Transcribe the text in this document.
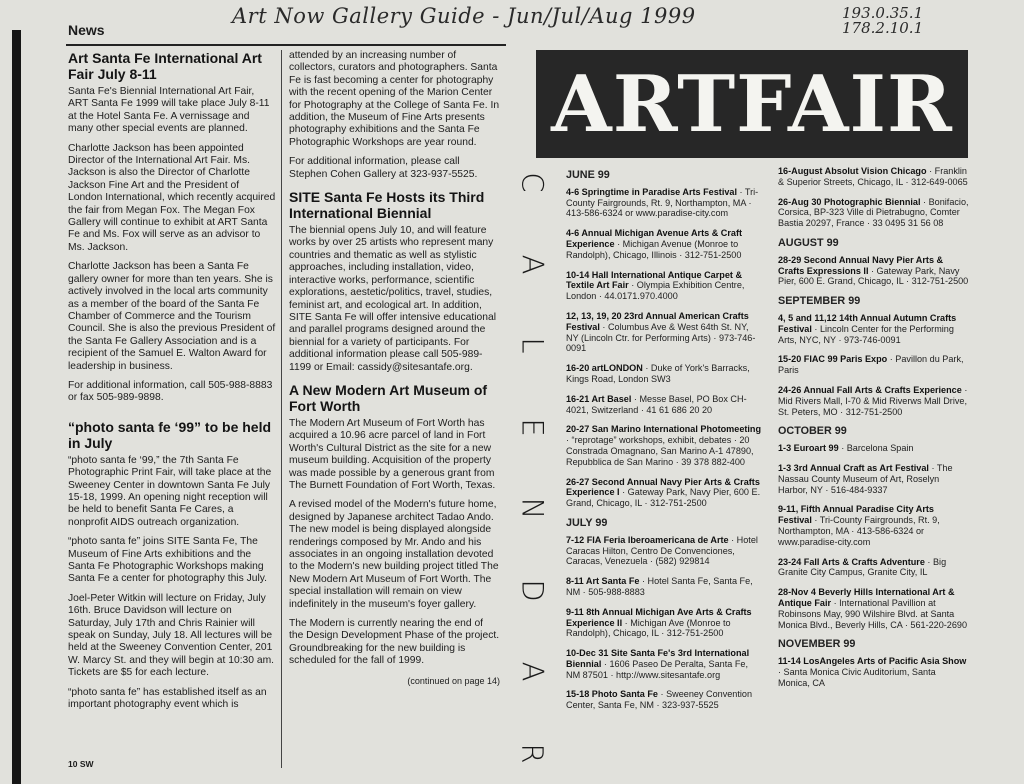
Art Now Gallery Guide - Jun/Jul/Aug 1999	193.0.35.1
178.2.10.1
News
Art Santa Fe International Art Fair July 8-11

Santa Fe's Biennial International Art Fair, ART Santa Fe 1999 will take place July 8-11 at the Hotel Santa Fe. A vernissage and many other special events are planned.

Charlotte Jackson has been appointed Director of the International Art Fair. Ms. Jackson is also the Director of Charlotte Jackson Fine Art and the President of London International, which recently acquired the fair from Megan Fox. The Megan Fox Gallery will continue to exhibit at ART Santa Fe and Ms. Fox will serve as an advisor to Ms. Jackson.

Charlotte Jackson has been a Santa Fe gallery owner for more than ten years. She is actively involved in the local arts community as a member of the board of the Santa Fe Chamber of Commerce and the Tourism Council. She is also the previous President of the Santa Fe Gallery Association and is a recipient of the Samuel E. Walton Award for leadership in business.

For additional information, call 505-988-8883 or fax 505-989-9898.

“photo santa fe ‘99” to be held in July

“photo santa fe ‘99,” the 7th Santa Fe Photographic Print Fair, will take place at the Sweeney Center in downtown Santa Fe July 15-18, 1999. An opening night reception will be held to benefit Santa Fe Cares, a nonprofit AIDS outreach organization.

“photo santa fe” joins SITE Santa Fe, The Museum of Fine Arts exhibitions and the Santa Fe Photographic Workshops making Santa Fe a center for photography this July.

Joel-Peter Witkin will lecture on Friday, July 16th. Bruce Davidson will lecture on Saturday, July 17th and Chris Rainier will speak on Sunday, July 18. All lectures will be held at the Sweeney Convention Center, 201 W. Marcy St. and they will begin at 10:30 am. Tickets are $5 for each lecture.

“photo santa fe” has established itself as an important photography event which is

attended by an increasing number of collectors, curators and photographers. Santa Fe is fast becoming a center for photography with the recent opening of the Marion Center for Photography at the College of Santa Fe. In addition, the Museum of Fine Arts presents photography exhibitions and the Santa Fe Photographic Workshops are year round.

For additional information, please call Stephen Cohen Gallery at 323-937-5525.

SITE Santa Fe Hosts its Third International Biennial

The biennial opens July 10, and will feature works by over 25 artists who represent many countries and thematic as well as stylistic approaches, including installation, video, interactive works, performance, scientific explorations, aestetic/politics, travel, studies, feminist art, and ecological art. In addition, SITE Santa Fe will offer intensive educational and parallel programs designed around the biennial for a variety of participants. For additional information please call 505-989-1199 or Email: cassidy@sitesantafe.org.

A New Modern Art Museum of Fort Worth

The Modern Art Museum of Fort Worth has acquired a 10.96 acre parcel of land in Fort Worth's Cultural District as the site for a new museum building. Acquisition of the property was made possible by a generous grant from The Burnett Foundation of Fort Worth, Texas.

A revised model of the Modern's future home, designed by Japanese architect Tadao Ando. The new model is being displayed alongside renderings composed by Mr. Ando and his associates in an ongoing installation devoted to the Modern's new building project titled The New Modern Art Museum of Fort Worth. The special installation will remain on view indefinitely in the museum's foyer gallery.

The Modern is currently nearing the end of the Design Development Phase of the project. Groundbreaking for the new building is scheduled for the fall of 1999.

(continued on page 14)
10 SW
ARTFAIR
C
A
L
E
N
D
A
R
JUNE 99
4-6 Springtime in Paradise Arts Festival · Tri-County Fairgrounds, Rt. 9, Northampton, MA · 413-586-6324 or www.paradise-city.com
4-6 Annual Michigan Avenue Arts & Craft Experience · Michigan Avenue (Monroe to Randolph), Chicago, Illinois · 312-751-2500
10-14 Hall International Antique Carpet & Textile Art Fair · Olympia Exhibition Centre, London · 44.0171.970.4000
12, 13, 19, 20 23rd Annual American Crafts Festival · Columbus Ave & West 64th St. NY, NY (Lincoln Ctr. for Performing Arts) · 973-746-0091
16-20 artLONDON · Duke of York's Barracks, Kings Road, London SW3
16-21 Art Basel · Messe Basel, PO Box CH-4021, Switzerland · 41 61 686 20 20
20-27 San Marino International Photomeeting · “reprotage” workshops, exhibit, debates · 20 Constrada Omagnano, San Marino A-1 47890, Repubblica de San Marino · 39 378 882-400
26-27 Second Annual Navy Pier Arts & Crafts Experience I · Gateway Park, Navy Pier, 600 E. Grand, Chicago, IL · 312-751-2500
JULY 99
7-12 FIA Feria Iberoamericana de Arte · Hotel Caracas Hilton, Centro De Convenciones, Caracas, Venezuela · (582) 929814
8-11 Art Santa Fe · Hotel Santa Fe, Santa Fe, NM · 505-988-8883
9-11 8th Annual Michigan Ave Arts & Crafts Experience II · Michigan Ave (Monroe to Randolph), Chicago, IL · 312-751-2500
10-Dec 31 Site Santa Fe's 3rd International Biennial · 1606 Paseo De Peralta, Santa Fe, NM 87501 · http://www.sitesantafe.org
15-18 Photo Santa Fe · Sweeney Convention Center, Santa Fe, NM · 323-937-5525
16-August Absolut Vision Chicago · Franklin & Superior Streets, Chicago, IL · 312-649-0065
26-Aug 30 Photographic Biennial · Bonifacio, Corsica, BP-323 Ville di Pietrabugno, Comter Bastia 20297, France · 33 0495 31 56 08
AUGUST 99
28-29 Second Annual Navy Pier Arts & Crafts Expressions II · Gateway Park, Navy Pier, 600 E. Grand, Chicago, IL · 312-751-2500
SEPTEMBER 99
4, 5 and 11,12 14th Annual Autumn Crafts Festival · Lincoln Center for the Performing Arts, NYC, NY · 973-746-0091
15-20 FIAC 99 Paris Expo · Pavillon du Park, Paris
24-26 Annual Fall Arts & Crafts Experience · Mid Rivers Mall, I-70 & Mid Riverws Mall Drive, St. Peters, MO · 312-751-2500
OCTOBER 99
1-3 Euroart 99 · Barcelona Spain
1-3 3rd Annual Craft as Art Festival · The Nassau County Museum of Art, Roselyn Harbor, NY · 516-484-9337
9-11, Fifth Annual Paradise City Arts Festival · Tri-County Fairgrounds, Rt. 9, Northampton, MA · 413-586-6324 or www.paradise-city.com
23-24 Fall Arts & Crafts Adventure · Big Granite City Campus, Granite City, IL
28-Nov 4 Beverly Hills International Art & Antique Fair · International Pavillion at Robinsons May, 990 Wilshire Blvd. at Santa Monica Blvd., Beverly Hills, CA · 561-220-2690
NOVEMBER 99
11-14 LosAngeles Arts of Pacific Asia Show · Santa Monica Civic Auditorium, Santa Monica, CA
